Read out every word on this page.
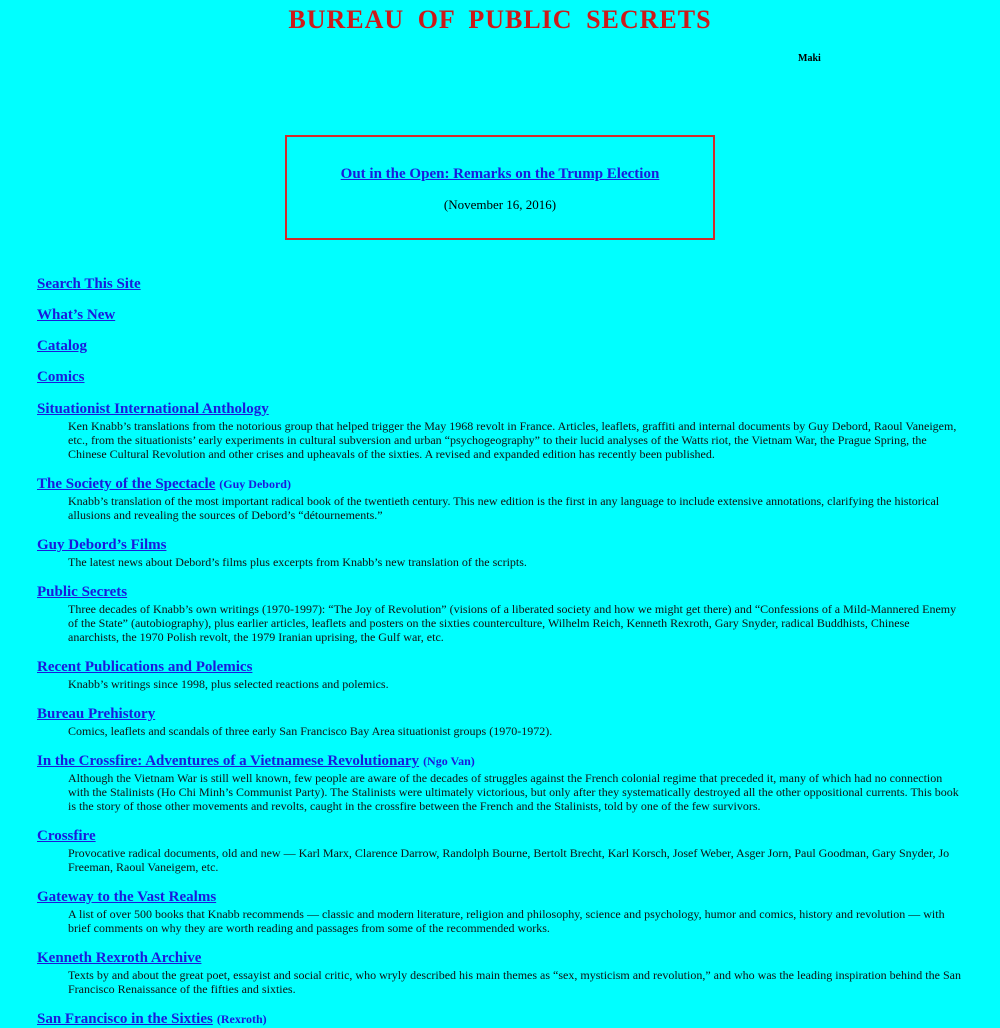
BUREAU OF PUBLIC SECRETS
Maki
Out in the Open: Remarks on the Trump Election
(November 16, 2016)
Search This Site
What’s New
Catalog
Comics
Situationist International Anthology
Ken Knabb’s translations from the notorious group that helped trigger the May 1968 revolt in France. Articles, leaflets, graffiti and internal documents by Guy Debord, Raoul Vaneigem, etc., from the situationists’ early experiments in cultural subversion and urban “psychogeography” to their lucid analyses of the Watts riot, the Vietnam War, the Prague Spring, the Chinese Cultural Revolution and other crises and upheavals of the sixties. A revised and expanded edition has recently been published.
The Society of the Spectacle (Guy Debord)
Knabb’s translation of the most important radical book of the twentieth century. This new edition is the first in any language to include extensive annotations, clarifying the historical allusions and revealing the sources of Debord’s “détournements.”
Guy Debord’s Films
The latest news about Debord’s films plus excerpts from Knabb’s new translation of the scripts.
Public Secrets
Three decades of Knabb’s own writings (1970-1997): “The Joy of Revolution” (visions of a liberated society and how we might get there) and “Confessions of a Mild-Mannered Enemy of the State” (autobiography), plus earlier articles, leaflets and posters on the sixties counterculture, Wilhelm Reich, Kenneth Rexroth, Gary Snyder, radical Buddhists, Chinese anarchists, the 1970 Polish revolt, the 1979 Iranian uprising, the Gulf war, etc.
Recent Publications and Polemics
Knabb’s writings since 1998, plus selected reactions and polemics.
Bureau Prehistory
Comics, leaflets and scandals of three early San Francisco Bay Area situationist groups (1970-1972).
In the Crossfire: Adventures of a Vietnamese Revolutionary (Ngo Van)
Although the Vietnam War is still well known, few people are aware of the decades of struggles against the French colonial regime that preceded it, many of which had no connection with the Stalinists (Ho Chi Minh’s Communist Party). The Stalinists were ultimately victorious, but only after they systematically destroyed all the other oppositional currents. This book is the story of those other movements and revolts, caught in the crossfire between the French and the Stalinists, told by one of the few survivors.
Crossfire
Provocative radical documents, old and new — Karl Marx, Clarence Darrow, Randolph Bourne, Bertolt Brecht, Karl Korsch, Josef Weber, Asger Jorn, Paul Goodman, Gary Snyder, Jo Freeman, Raoul Vaneigem, etc.
Gateway to the Vast Realms
A list of over 500 books that Knabb recommends — classic and modern literature, religion and philosophy, science and psychology, humor and comics, history and revolution — with brief comments on why they are worth reading and passages from some of the recommended works.
Kenneth Rexroth Archive
Texts by and about the great poet, essayist and social critic, who wryly described his main themes as “sex, mysticism and revolution,” and who was the leading inspiration behind the San Francisco Renaissance of the fifties and sixties.
San Francisco in the Sixties (Rexroth)
